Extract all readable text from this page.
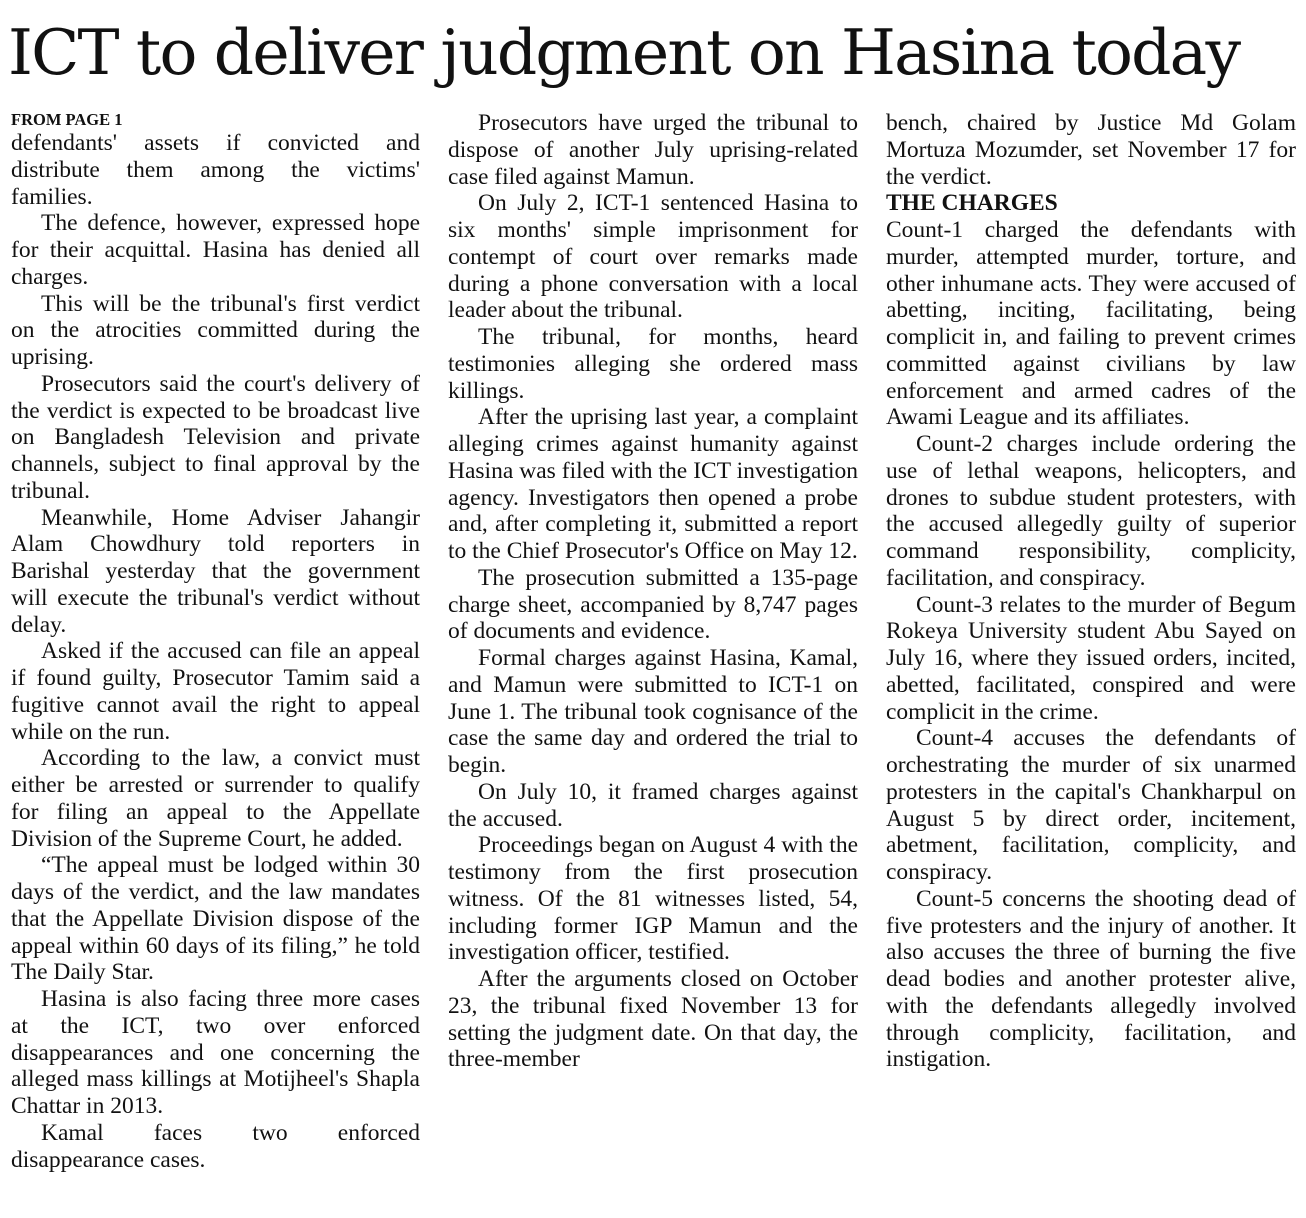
ICT to deliver judgment on Hasina today
FROM PAGE 1

defendants' assets if convicted and distribute them among the victims' families.

The defence, however, expressed hope for their acquittal. Hasina has denied all charges.

This will be the tribunal's first verdict on the atrocities committed during the uprising.

Prosecutors said the court's delivery of the verdict is expected to be broadcast live on Bangladesh Television and private channels, subject to final approval by the tribunal.

Meanwhile, Home Adviser Jahangir Alam Chowdhury told reporters in Barishal yesterday that the government will execute the tribunal's verdict without delay.

Asked if the accused can file an appeal if found guilty, Prosecutor Tamim said a fugitive cannot avail the right to appeal while on the run.

According to the law, a convict must either be arrested or surrender to qualify for filing an appeal to the Appellate Division of the Supreme Court, he added.

“The appeal must be lodged within 30 days of the verdict, and the law mandates that the Appellate Division dispose of the appeal within 60 days of its filing,” he told The Daily Star.

Hasina is also facing three more cases at the ICT, two over enforced disappearances and one concerning the alleged mass killings at Motijheel's Shapla Chattar in 2013.

Kamal faces two enforced disappearance cases.

Prosecutors have urged the tribunal to dispose of another July uprising-related case filed against Mamun.

On July 2, ICT-1 sentenced Hasina to six months' simple imprisonment for contempt of court over remarks made during a phone conversation with a local leader about the tribunal.

The tribunal, for months, heard testimonies alleging she ordered mass killings.

After the uprising last year, a complaint alleging crimes against humanity against Hasina was filed with the ICT investigation agency. Investigators then opened a probe and, after completing it, submitted a report to the Chief Prosecutor's Office on May 12.

The prosecution submitted a 135-page charge sheet, accompanied by 8,747 pages of documents and evidence.

Formal charges against Hasina, Kamal, and Mamun were submitted to ICT-1 on June 1. The tribunal took cognisance of the case the same day and ordered the trial to begin.

On July 10, it framed charges against the accused.

Proceedings began on August 4 with the testimony from the first prosecution witness. Of the 81 witnesses listed, 54, including former IGP Mamun and the investigation officer, testified.

After the arguments closed on October 23, the tribunal fixed November 13 for setting the judgment date. On that day, the three-member

bench, chaired by Justice Md Golam Mortuza Mozumder, set November 17 for the verdict.

THE CHARGES

Count-1 charged the defendants with murder, attempted murder, torture, and other inhumane acts. They were accused of abetting, inciting, facilitating, being complicit in, and failing to prevent crimes committed against civilians by law enforcement and armed cadres of the Awami League and its affiliates.

Count-2 charges include ordering the use of lethal weapons, helicopters, and drones to subdue student protesters, with the accused allegedly guilty of superior command responsibility, complicity, facilitation, and conspiracy.

Count-3 relates to the murder of Begum Rokeya University student Abu Sayed on July 16, where they issued orders, incited, abetted, facilitated, conspired and were complicit in the crime.

Count-4 accuses the defendants of orchestrating the murder of six unarmed protesters in the capital's Chankharpul on August 5 by direct order, incitement, abetment, facilitation, complicity, and conspiracy.

Count-5 concerns the shooting dead of five protesters and the injury of another. It also accuses the three of burning the five dead bodies and another protester alive, with the defendants allegedly involved through complicity, facilitation, and instigation.
